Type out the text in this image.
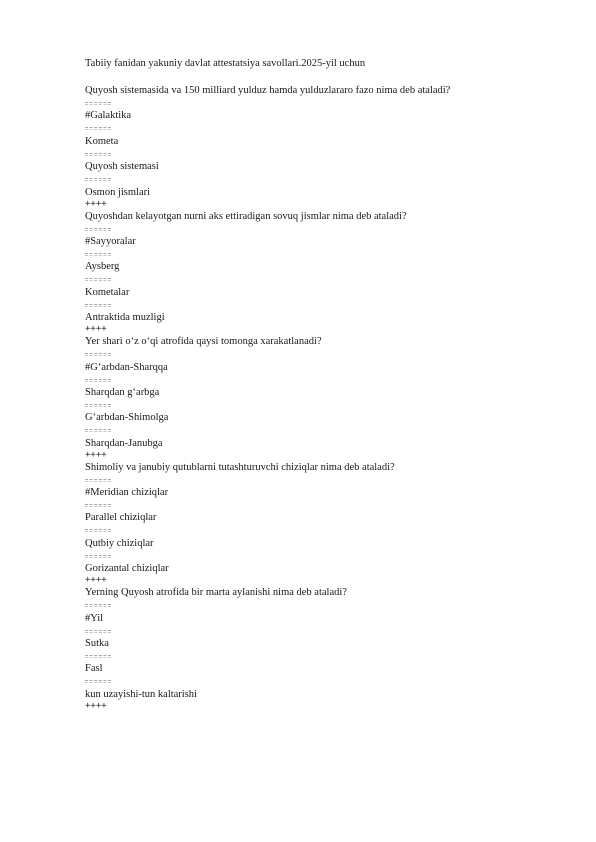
Tabiiy fanidan yakuniy davlat attestatsiya savollari.2025-yil uchun
Quyosh sistemasida va 150 milliard yulduz hamda yulduzlararo fazo nima deb ataladi?
#Galaktika
Kometa
Quyosh sistemasi
Osmon jismlari
++++
Quyoshdan kelayotgan nurni aks ettiradigan sovuq jismlar nima deb ataladi?
#Sayyoralar
Aysberg
Kometalar
Antraktida muzligi
++++
Yer shari o‘z o‘qi atrofida qaysi tomonga xarakatlanadi?
#G‘arbdan-Sharqqa
Sharqdan g‘arbga
G‘arbdan-Shimolga
Sharqdan-Janubga
++++
Shimoliy va janubiy qutublarni tutashturuvchi chiziqlar nima deb ataladi?
#Meridian chiziqlar
Parallel chiziqlar
Qutbiy chiziqlar
Gorizantal chiziqlar
++++
Yerning Quyosh atrofida bir marta aylanishi nima deb ataladi?
#Yil
Sutka
Fasl
kun uzayishi-tun kaltarishi
++++
